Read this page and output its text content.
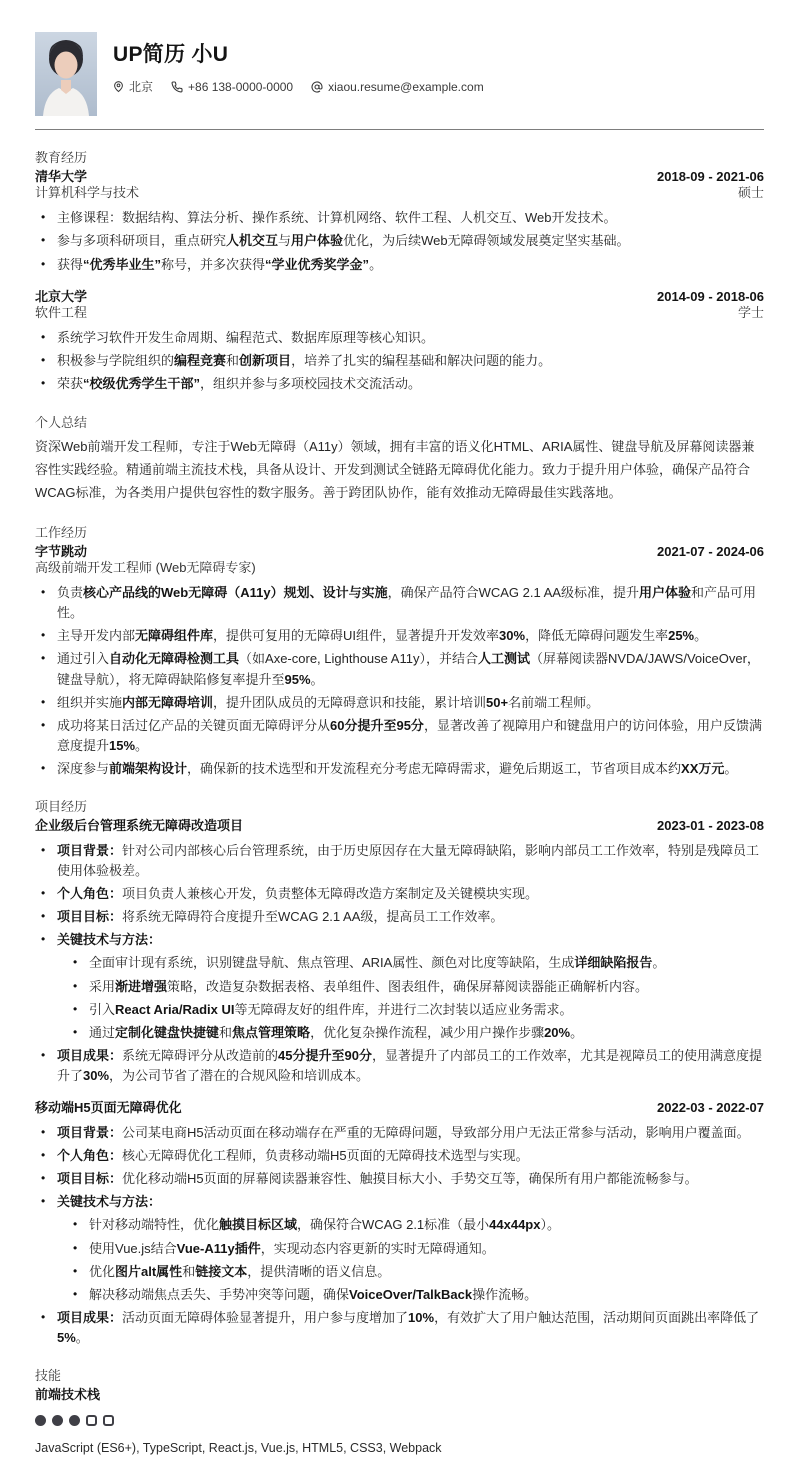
UP简历 小U
北京	+86 138-0000-0000	xiaou.resume@example.com
教育经历
清华大学	2018-09 - 2021-06
计算机科学与技术	硕士
• 主修课程：数据结构、算法分析、操作系统、计算机网络、软件工程、人机交互、Web开发技术。
• 参与多项科研项目，重点研究人机交互与用户体验优化，为后续Web无障碍领域发展奠定坚实基础。
• 获得“优秀毕业生”称号，并多次获得“学业优秀奖学金”。
北京大学	2014-09 - 2018-06
软件工程	学士
• 系统学习软件开发生命周期、编程范式、数据库原理等核心知识。
• 积极参与学院组织的编程竞赛和创新项目，培养了扎实的编程基础和解决问题的能力。
• 荣获“校级优秀学生干部”，组织并参与多项校园技术交流活动。
个人总结
资深Web前端开发工程师，专注于Web无障碍（A11y）领域，拥有丰富的语义化HTML、ARIA属性、键盘导航及屏幕阅读器兼容性实践经验。精通前端主流技术栈，具备从设计、开发到测试全链路无障碍优化能力。致力于提升用户体验，确保产品符合WCAG标准，为各类用户提供包容性的数字服务。善于跨团队协作，能有效推动无障碍最佳实践落地。
工作经历
字节跳动	2021-07 - 2024-06
高级前端开发工程师 (Web无障碍专家)
• 负责核心产品线的Web无障碍（A11y）规划、设计与实施，确保产品符合WCAG 2.1 AA级标准，提升用户体验和产品可用性。
• 主导开发内部无障碍组件库，提供可复用的无障碍UI组件，显著提升开发效率30%，降低无障碍问题发生率25%。
• 通过引入自动化无障碍检测工具（如Axe-core, Lighthouse A11y），并结合人工测试（屏幕阅读器NVDA/JAWS/VoiceOver，键盘导航），将无障碍缺陷修复率提升至95%。
• 组织并实施内部无障碍培训，提升团队成员的无障碍意识和技能，累计培训50+名前端工程师。
• 成功将某日活过亿产品的关键页面无障碍评分从60分提升至95分，显著改善了视障用户和键盘用户的访问体验，用户反馈满意度提升15%。
• 深度参与前端架构设计，确保新的技术选型和开发流程充分考虑无障碍需求，避免后期返工，节省项目成本约XX万元。
项目经历
企业级后台管理系统无障碍改造项目	2023-01 - 2023-08
• 项目背景：针对公司内部核心后台管理系统，由于历史原因存在大量无障碍缺陷，影响内部员工工作效率，特别是残障员工使用体验极差。
• 个人角色：项目负责人兼核心开发，负责整体无障碍改造方案制定及关键模块实现。
• 项目目标：将系统无障碍符合度提升至WCAG 2.1 AA级，提高员工工作效率。
• 关键技术与方法：
• 全面审计现有系统，识别键盘导航、焦点管理、ARIA属性、颜色对比度等缺陷，生成详细缺陷报告。
• 采用渐进增强策略，改造复杂数据表格、表单组件、图表组件，确保屏幕阅读器能正确解析内容。
• 引入React Aria/Radix UI等无障碍友好的组件库，并进行二次封装以适应业务需求。
• 通过定制化键盘快捷键和焦点管理策略，优化复杂操作流程，减少用户操作步骤20%。
• 项目成果：系统无障碍评分从改造前的45分提升至90分，显著提升了内部员工的工作效率，尤其是视障员工的使用满意度提升了30%，为公司节省了潜在的合规风险和培训成本。
移动端H5页面无障碍优化	2022-03 - 2022-07
• 项目背景：公司某电商H5活动页面在移动端存在严重的无障碍问题，导致部分用户无法正常参与活动，影响用户覆盖面。
• 个人角色：核心无障碍优化工程师，负责移动端H5页面的无障碍技术选型与实现。
• 项目目标：优化移动端H5页面的屏幕阅读器兼容性、触摸目标大小、手势交互等，确保所有用户都能流畅参与。
• 关键技术与方法：
• 针对移动端特性，优化触摸目标区域，确保符合WCAG 2.1标准（最小44x44px）。
• 使用Vue.js结合Vue-A11y插件，实现动态内容更新的实时无障碍通知。
• 优化图片alt属性和链接文本，提供清晰的语义信息。
• 解决移动端焦点丢失、手势冲突等问题，确保VoiceOver/TalkBack操作流畅。
• 项目成果：活动页面无障碍体验显著提升，用户参与度增加了10%，有效扩大了用户触达范围，活动期间页面跳出率降低了5%。
技能
前端技术栈
JavaScript (ES6+), TypeScript, React.js, Vue.js, HTML5, CSS3, Webpack
